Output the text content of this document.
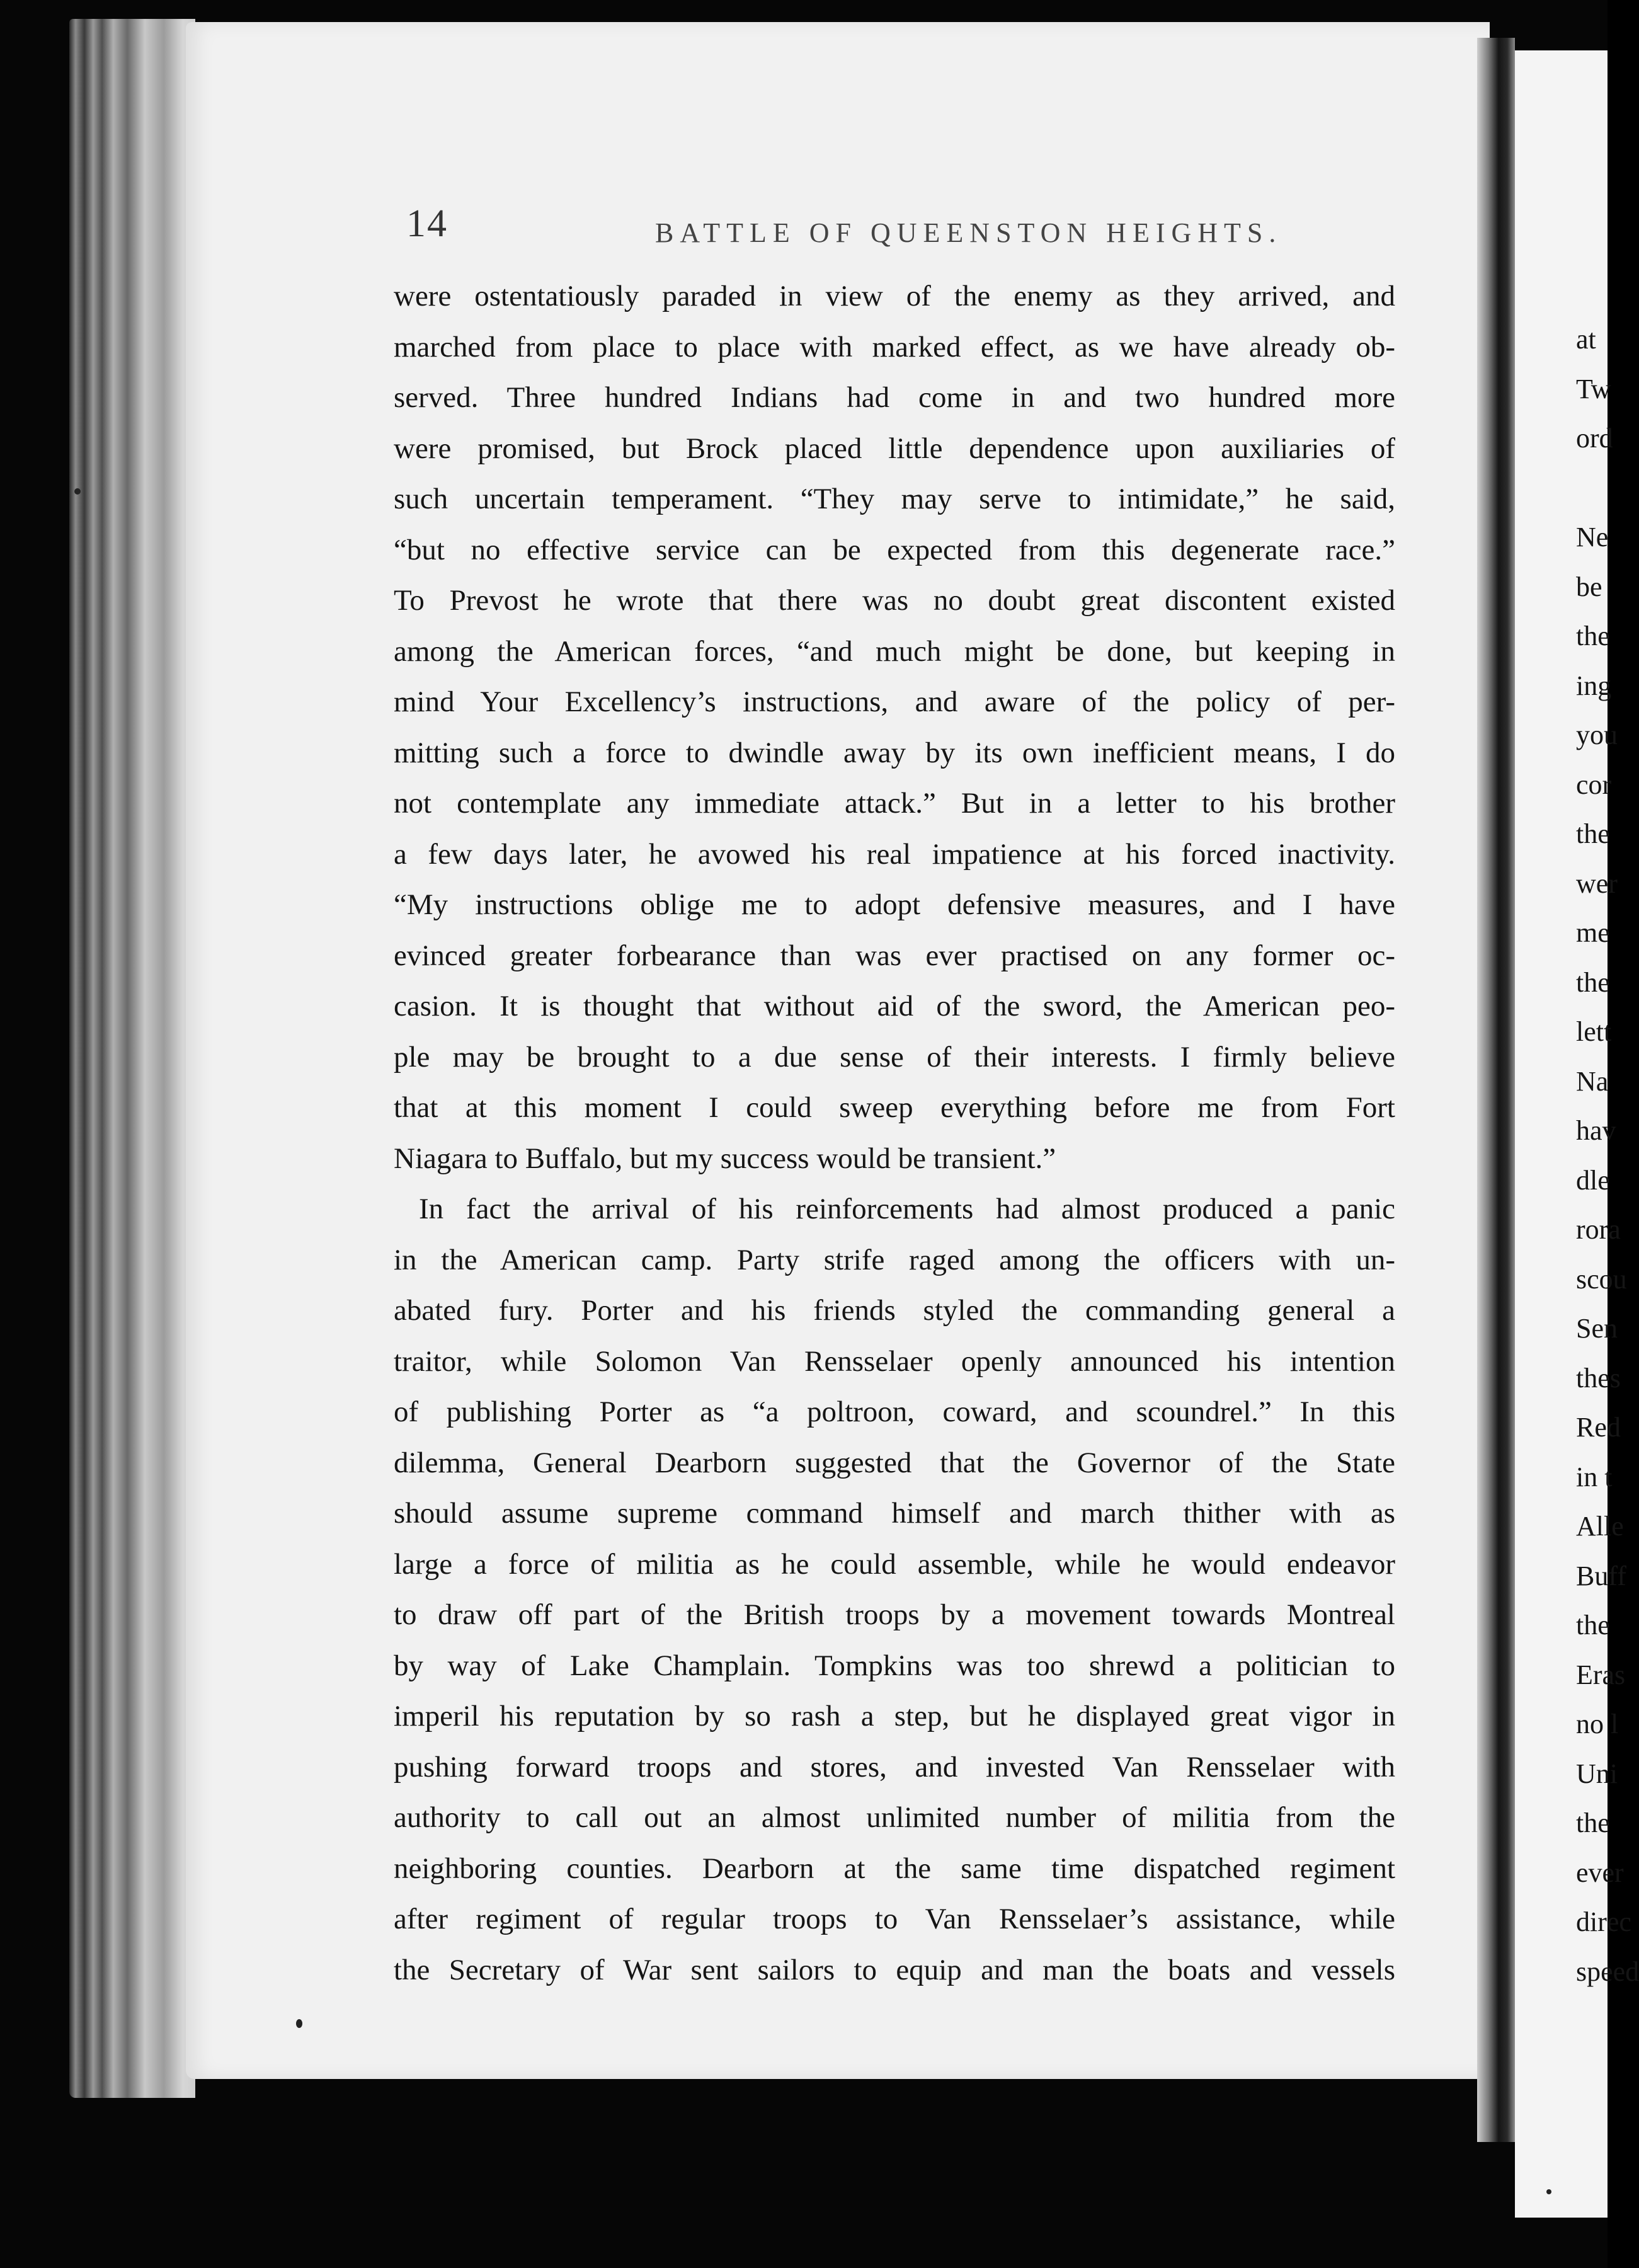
14	BATTLE OF QUEENSTON HEIGHTS.
were ostentatiously paraded in view of the enemy as they arrived, and
marched from place to place with marked effect, as we have already ob-
served. Three hundred Indians had come in and two hundred more
were promised, but Brock placed little dependence upon auxiliaries of
such uncertain temperament. “They may serve to intimidate,” he said,
“but no effective service can be expected from this degenerate race.”
To Prevost he wrote that there was no doubt great discontent existed
among the American forces, “and much might be done, but keeping in
mind Your Excellency’s instructions, and aware of the policy of per-
mitting such a force to dwindle away by its own inefficient means, I do
not contemplate any immediate attack.” But in a letter to his brother
a few days later, he avowed his real impatience at his forced inactivity.
“My instructions oblige me to adopt defensive measures, and I have
evinced greater forbearance than was ever practised on any former oc-
casion. It is thought that without aid of the sword, the American peo-
ple may be brought to a due sense of their interests. I firmly believe
that at this moment I could sweep everything before me from Fort
Niagara to Buffalo, but my success would be transient.”
In fact the arrival of his reinforcements had almost produced a panic
in the American camp. Party strife raged among the officers with un-
abated fury. Porter and his friends styled the commanding general a
traitor, while Solomon Van Rensselaer openly announced his intention
of publishing Porter as “a poltroon, coward, and scoundrel.” In this
dilemma, General Dearborn suggested that the Governor of the State
should assume supreme command himself and march thither with as
large a force of militia as he could assemble, while he would endeavor
to draw off part of the British troops by a movement towards Montreal
by way of Lake Champlain. Tompkins was too shrewd a politician to
imperil his reputation by so rash a step, but he displayed great vigor in
pushing forward troops and stores, and invested Van Rensselaer with
authority to call out an almost unlimited number of militia from the
neighboring counties. Dearborn at the same time dispatched regiment
after regiment of regular troops to Van Rensselaer’s assistance, while
the Secretary of War sent sailors to equip and man the boats and vessels
at
Tw
ord
Ne
be
the
ing
you
cor
the
wer
me
the
lett
Na
hav
dle
rora
scou
Sen
thes
Red
in t
Alle
Buff
the
Eras
no l
Uni
the
ever
direc
speed
